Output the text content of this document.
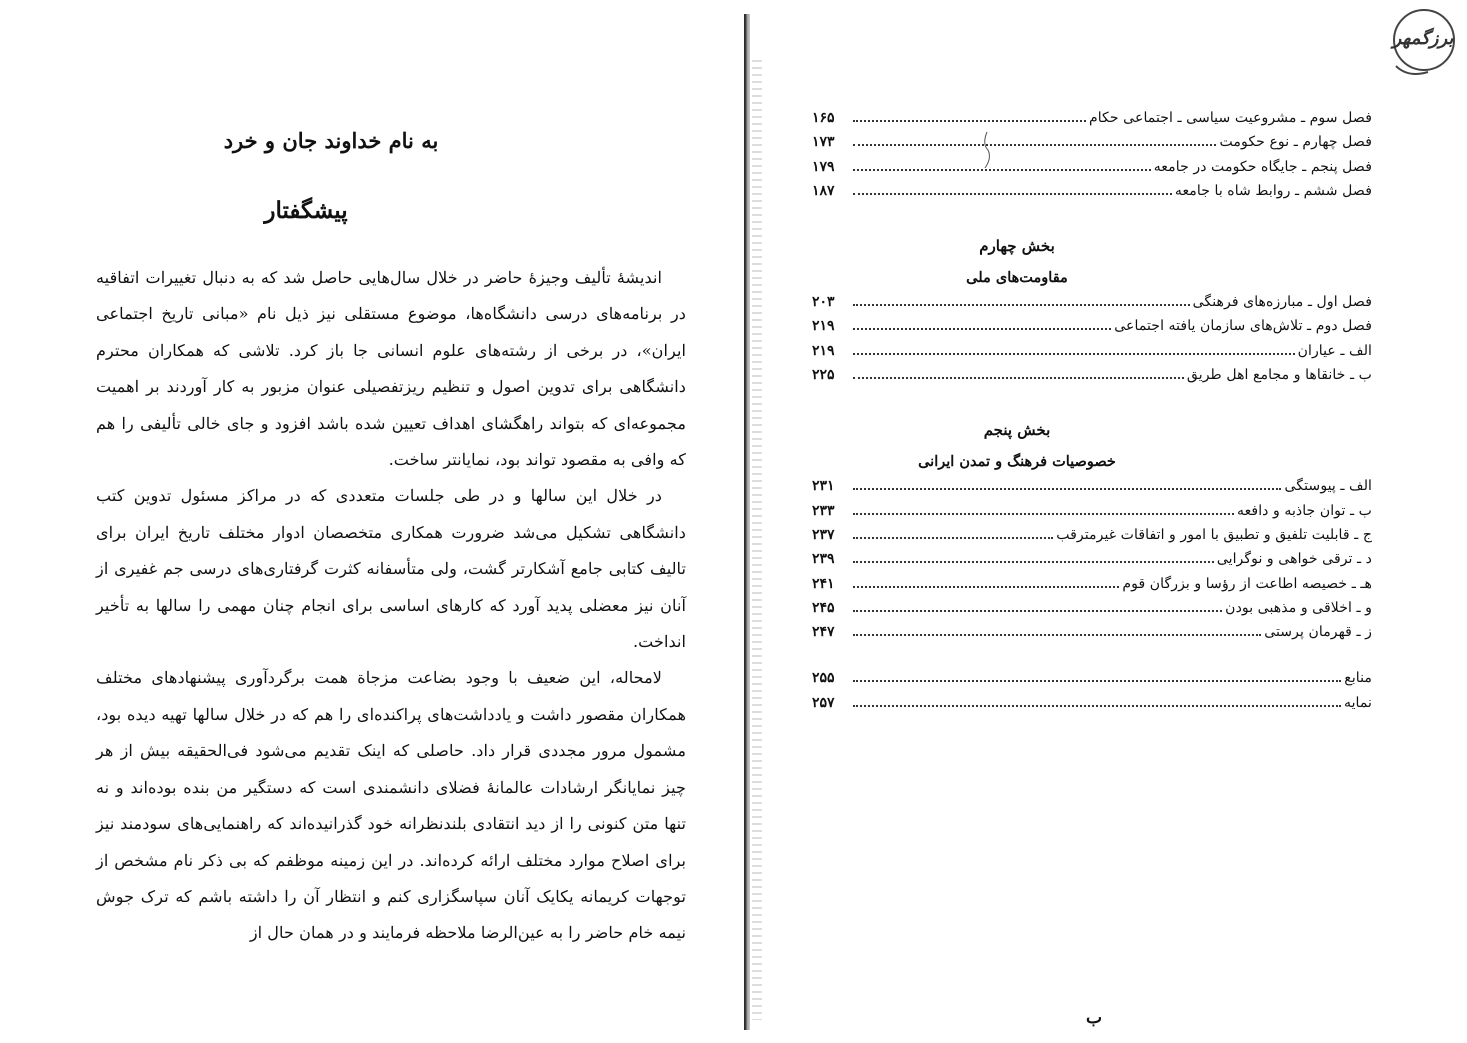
به نام خداوند جان و خرد
پیشگفتار

اندیشهٔ تألیف وجیزهٔ حاضر در خلال سال‌هایی حاصل شد که به دنبال تغییرات اتفاقیه در برنامه‌های درسی دانشگاه‌ها، موضوع مستقلی نیز ذیل نام «مبانی تاریخ اجتماعی ایران»، در برخی از رشته‌های علوم انسانی جا باز کرد. تلاشی که همکاران محترم دانشگاهی برای تدوین اصول و تنظیم ریزتفصیلی عنوان مزبور به کار آوردند بر اهمیت مجموعه‌ای که بتواند راهگشای اهداف تعیین شده باشد افزود و جای خالی تألیفی را هم که وافی به مقصود تواند بود، نمایانتر ساخت.

در خلال این سالها و در طی جلسات متعددی که در مراکز مسئول تدوین کتب دانشگاهی تشکیل می‌شد ضرورت همکاری متخصصان ادوار مختلف تاریخ ایران برای تالیف کتابی جامع آشکارتر گشت، ولی متأسفانه کثرت گرفتاری‌های درسی جم غفیری از آنان نیز معضلی پدید آورد که کارهای اساسی برای انجام چنان مهمی را سالها به تأخیر انداخت.

لامحاله، این ضعیف با وجود بضاعت مزجاة همت برگردآوری پیشنهادهای مختلف همکاران مقصور داشت و یادداشت‌های پراکنده‌ای را هم که در خلال سالها تهیه دیده بود، مشمول مرور مجددی قرار داد. حاصلی که اینک تقدیم می‌شود فی‌الحقیقه بیش از هر چیز نمایانگر ارشادات عالمانهٔ فضلای دانشمندی است که دستگیر من بنده بوده‌اند و نه تنها متن کنونی را از دید انتقادی بلندنظرانه خود گذرانیده‌اند که راهنمایی‌های سودمند نیز برای اصلاح موارد مختلف ارائه کرده‌اند. در این زمینه موظفم که بی ذکر نام مشخص از توجهات کریمانه یکایک آنان سپاسگزاری کنم و انتظار آن را داشته باشم که ترک جوش نیمه خام حاضر را به عین‌الرضا ملاحظه فرمایند و در همان حال از

برزگمهر
فصل سوم ـ مشروعیت سیاسی ـ اجتماعی حکام
۱۶۵
فصل چهارم ـ نوع حکومت
۱۷۳
فصل پنجم ـ جایگاه حکومت در جامعه
۱۷۹
فصل ششم ـ روابط شاه با جامعه
۱۸۷
بخش چهارم
مقاومت‌های ملی
فصل اول ـ مبارزه‌های فرهنگی
۲۰۳
فصل دوم ـ تلاش‌های سازمان یافته اجتماعی
۲۱۹
الف ـ عیاران
۲۱۹
ب ـ خانقاها و مجامع اهل طریق
۲۲۵
بخش پنجم
خصوصیات فرهنگ و تمدن ایرانی
الف ـ پیوستگی
۲۳۱
ب ـ توان جاذبه و دافعه
۲۳۳
ج ـ قابلیت تلفیق و تطبیق با امور و اتفاقات غیرمترقب
۲۳۷
د ـ ترقی خواهی و نوگرایی
۲۳۹
هـ ـ خصیصه اطاعت از رؤسا و بزرگان قوم
۲۴۱
و ـ اخلاقی و مذهبی بودن
۲۴۵
ز ـ قهرمان پرستی
۲۴۷
منابع
۲۵۵
نمایه
۲۵۷
ب
